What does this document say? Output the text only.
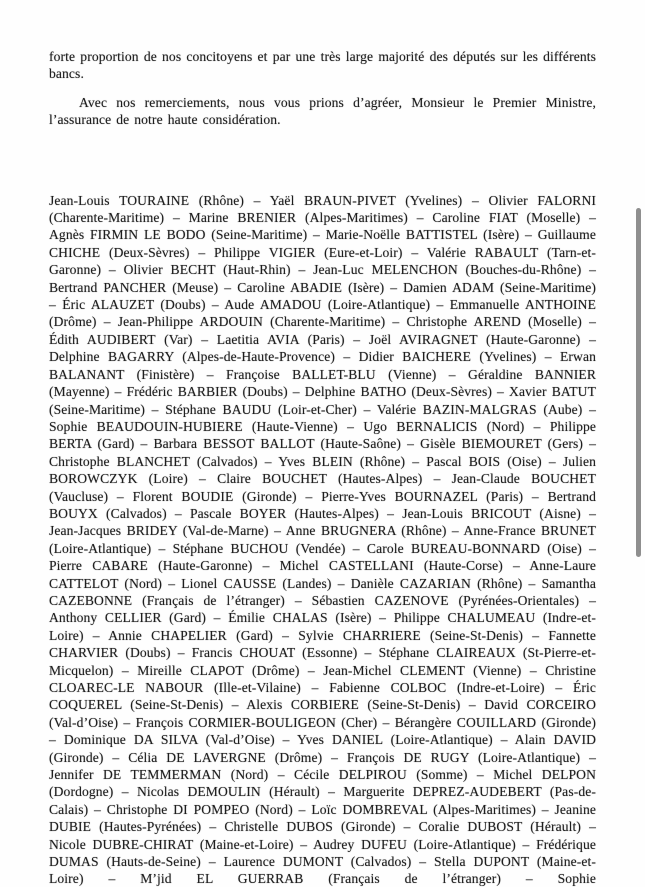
forte proportion de nos concitoyens et par une très large majorité des députés sur les différents bancs.

Avec nos remerciements, nous vous prions d’agréer, Monsieur le Premier Ministre, l’assurance de notre haute considération.

Jean-Louis TOURAINE (Rhône) – Yaël BRAUN-PIVET (Yvelines) – Olivier FALORNI (Charente-Maritime) – Marine BRENIER (Alpes-Maritimes) – Caroline FIAT (Moselle) – Agnès FIRMIN LE BODO (Seine-Maritime) – Marie-Noëlle BATTISTEL (Isère) – Guillaume CHICHE (Deux-Sèvres) – Philippe VIGIER (Eure-et-Loir) – Valérie RABAULT (Tarn-et-Garonne) – Olivier BECHT (Haut-Rhin) – Jean-Luc MELENCHON (Bouches-du-Rhône) – Bertrand PANCHER (Meuse) – Caroline ABADIE (Isère) – Damien ADAM (Seine-Maritime) – Éric ALAUZET (Doubs) – Aude AMADOU (Loire-Atlantique) – Emmanuelle ANTHOINE (Drôme) – Jean-Philippe ARDOUIN (Charente-Maritime) – Christophe AREND (Moselle) – Édith AUDIBERT (Var) – Laetitia AVIA (Paris) – Joël AVIRAGNET (Haute-Garonne) – Delphine BAGARRY (Alpes-de-Haute-Provence) – Didier BAICHERE (Yvelines) – Erwan BALANANT (Finistère) – Françoise BALLET-BLU (Vienne) – Géraldine BANNIER (Mayenne) – Frédéric BARBIER (Doubs) – Delphine BATHO (Deux-Sèvres) – Xavier BATUT (Seine-Maritime) – Stéphane BAUDU (Loir-et-Cher) – Valérie BAZIN-MALGRAS (Aube) – Sophie BEAUDOUIN-HUBIERE (Haute-Vienne) – Ugo BERNALICIS (Nord) – Philippe BERTA (Gard) – Barbara BESSOT BALLOT (Haute-Saône) – Gisèle BIEMOURET (Gers) – Christophe BLANCHET (Calvados) – Yves BLEIN (Rhône) – Pascal BOIS (Oise) – Julien BOROWCZYK (Loire) – Claire BOUCHET (Hautes-Alpes) – Jean-Claude BOUCHET (Vaucluse) – Florent BOUDIE (Gironde) – Pierre-Yves BOURNAZEL (Paris) – Bertrand BOUYX (Calvados) – Pascale BOYER (Hautes-Alpes) – Jean-Louis BRICOUT (Aisne) – Jean-Jacques BRIDEY (Val-de-Marne) – Anne BRUGNERA (Rhône) – Anne-France BRUNET (Loire-Atlantique) – Stéphane BUCHOU (Vendée) – Carole BUREAU-BONNARD (Oise) – Pierre CABARE (Haute-Garonne) – Michel CASTELLANI (Haute-Corse) – Anne-Laure CATTELOT (Nord) – Lionel CAUSSE (Landes) – Danièle CAZARIAN (Rhône) – Samantha CAZEBONNE (Français de l’étranger) – Sébastien CAZENOVE (Pyrénées-Orientales) – Anthony CELLIER (Gard) – Émilie CHALAS (Isère) – Philippe CHALUMEAU (Indre-et-Loire) – Annie CHAPELIER (Gard) – Sylvie CHARRIERE (Seine-St-Denis) – Fannette CHARVIER (Doubs) – Francis CHOUAT (Essonne) – Stéphane CLAIREAUX (St-Pierre-et-Micquelon) – Mireille CLAPOT (Drôme) – Jean-Michel CLEMENT (Vienne) – Christine CLOAREC-LE NABOUR (Ille-et-Vilaine) – Fabienne COLBOC (Indre-et-Loire) – Éric COQUEREL (Seine-St-Denis) – Alexis CORBIERE (Seine-St-Denis) – David CORCEIRO (Val-d’Oise) – François CORMIER-BOULIGEON (Cher) – Bérangère COUILLARD (Gironde) – Dominique DA SILVA (Val-d’Oise) – Yves DANIEL (Loire-Atlantique) – Alain DAVID (Gironde) – Célia DE LAVERGNE (Drôme) – François DE RUGY (Loire-Atlantique) – Jennifer DE TEMMERMAN (Nord) – Cécile DELPIROU (Somme) – Michel DELPON (Dordogne) – Nicolas DEMOULIN (Hérault) – Marguerite DEPREZ-AUDEBERT (Pas-de-Calais) – Christophe DI POMPEO (Nord) – Loïc DOMBREVAL (Alpes-Maritimes) – Jeanine DUBIE (Hautes-Pyrénées) – Christelle DUBOS (Gironde) – Coralie DUBOST (Hérault) – Nicole DUBRE-CHIRAT (Maine-et-Loire) – Audrey DUFEU (Loire-Atlantique) – Frédérique DUMAS (Hauts-de-Seine) – Laurence DUMONT (Calvados) – Stella DUPONT (Maine-et-Loire) – M’jid EL GUERRAB (Français de l’étranger) – Sophie
